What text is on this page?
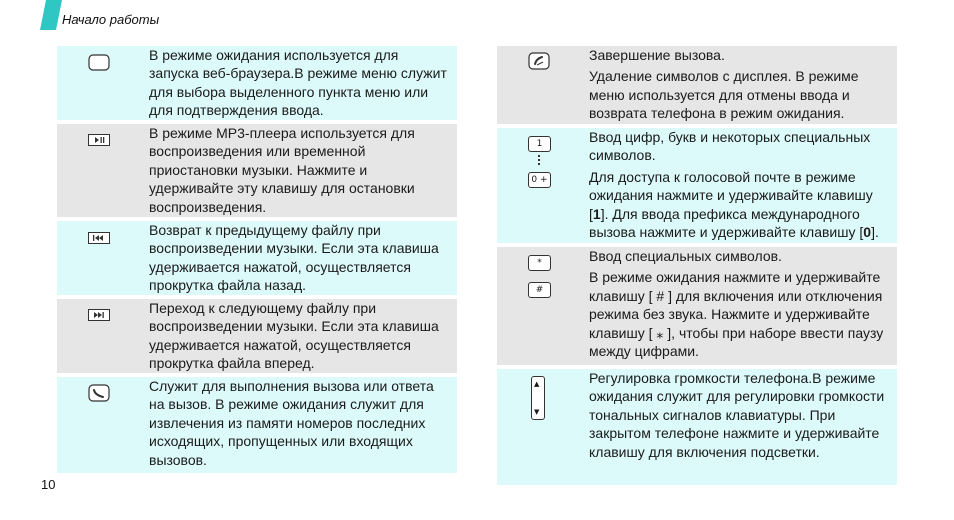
Начало работы
В режиме ожидания используется для запуска веб-браузера.В режиме меню служит для выбора выделенного пункта меню или для подтверждения ввода.
В режиме MP3-плеера используется для воспроизведения или временной приостановки музыки. Нажмите и удерживайте эту клавишу для остановки воспроизведения.
Возврат к предыдущему файлу при воспроизведении музыки. Если эта клавиша удерживается нажатой, осуществляется прокрутка файла назад.
Переход к следующему файлу при воспроизведении музыки. Если эта клавиша удерживается нажатой, осуществляется прокрутка файла вперед.
Служит для выполнения вызова или ответа на вызов. В режиме ожидания служит для извлечения из памяти номеров последних исходящих, пропущенных или входящих вызовов.

Завершение вызова.

Удаление символов с дисплея. В режиме меню используется для отмены ввода и возврата телефона в режим ожидания.

1
0 +

Ввод цифр, букв и некоторых специальных символов.

Для доступа к голосовой почте в режиме ожидания нажмите и удерживайте клавишу [1]. Для ввода префикса международного вызова нажмите и удерживайте клавишу [0].

*
#

Ввод специальных символов.

В режиме ожидания нажмите и удерживайте клавишу [ # ] для включения или отключения режима без звука. Нажмите и удерживайте клавишу [ ⁎ ], чтобы при наборе ввести паузу между цифрами.

▲
▼
Регулировка громкости телефона.В режиме ожидания служит для регулировки громкости тональных сигналов клавиатуры. При закрытом телефоне нажмите и удерживайте клавишу для включения подсветки.
10
